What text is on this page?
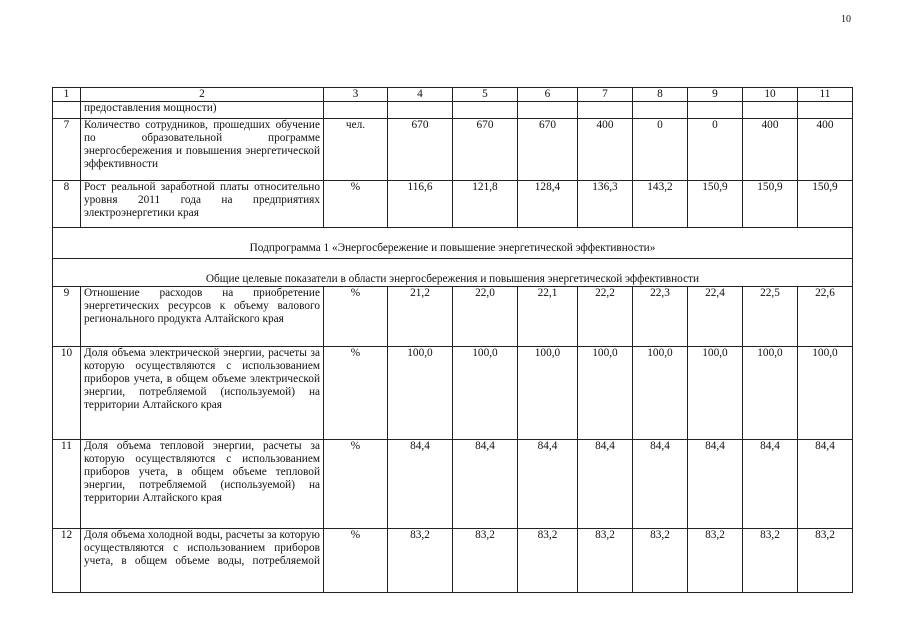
10
1	2	3	4	5	6	7	8	9	10	11
	предоставления мощности)									
7	Количество сотрудников, прошедших обучение по образовательной программе энергосбережения и повышения энергетической эффективности	чел.	670	670	670	400	0	0	400	400
8	Рост реальной заработной платы относительно уровня 2011 года на предприятиях электроэнергетики края	%	116,6	121,8	128,4	136,3	143,2	150,9	150,9	150,9
Подпрограмма 1 «Энергосбережение и повышение энергетической эффективности»										
Общие целевые показатели в области энергосбережения и повышения энергетической эффективности										
9	Отношение расходов на приобретение энергетических ресурсов к объему валового регионального продукта Алтайского края	%	21,2	22,0	22,1	22,2	22,3	22,4	22,5	22,6
10	Доля объема электрической энергии, расчеты за которую осуществляются с использованием приборов учета, в общем объеме электрической энергии, потребляемой (используемой) на территории Алтайского края	%	100,0	100,0	100,0	100,0	100,0	100,0	100,0	100,0
11	Доля объема тепловой энергии, расчеты за которую осуществляются с использованием приборов учета, в общем объеме тепловой энергии, потребляемой (используемой) на территории Алтайского края	%	84,4	84,4	84,4	84,4	84,4	84,4	84,4	84,4
12	Доля объема холодной воды, расчеты за которую осуществляются с использованием приборов учета, в общем объеме воды, потребляемой	%	83,2	83,2	83,2	83,2	83,2	83,2	83,2	83,2
